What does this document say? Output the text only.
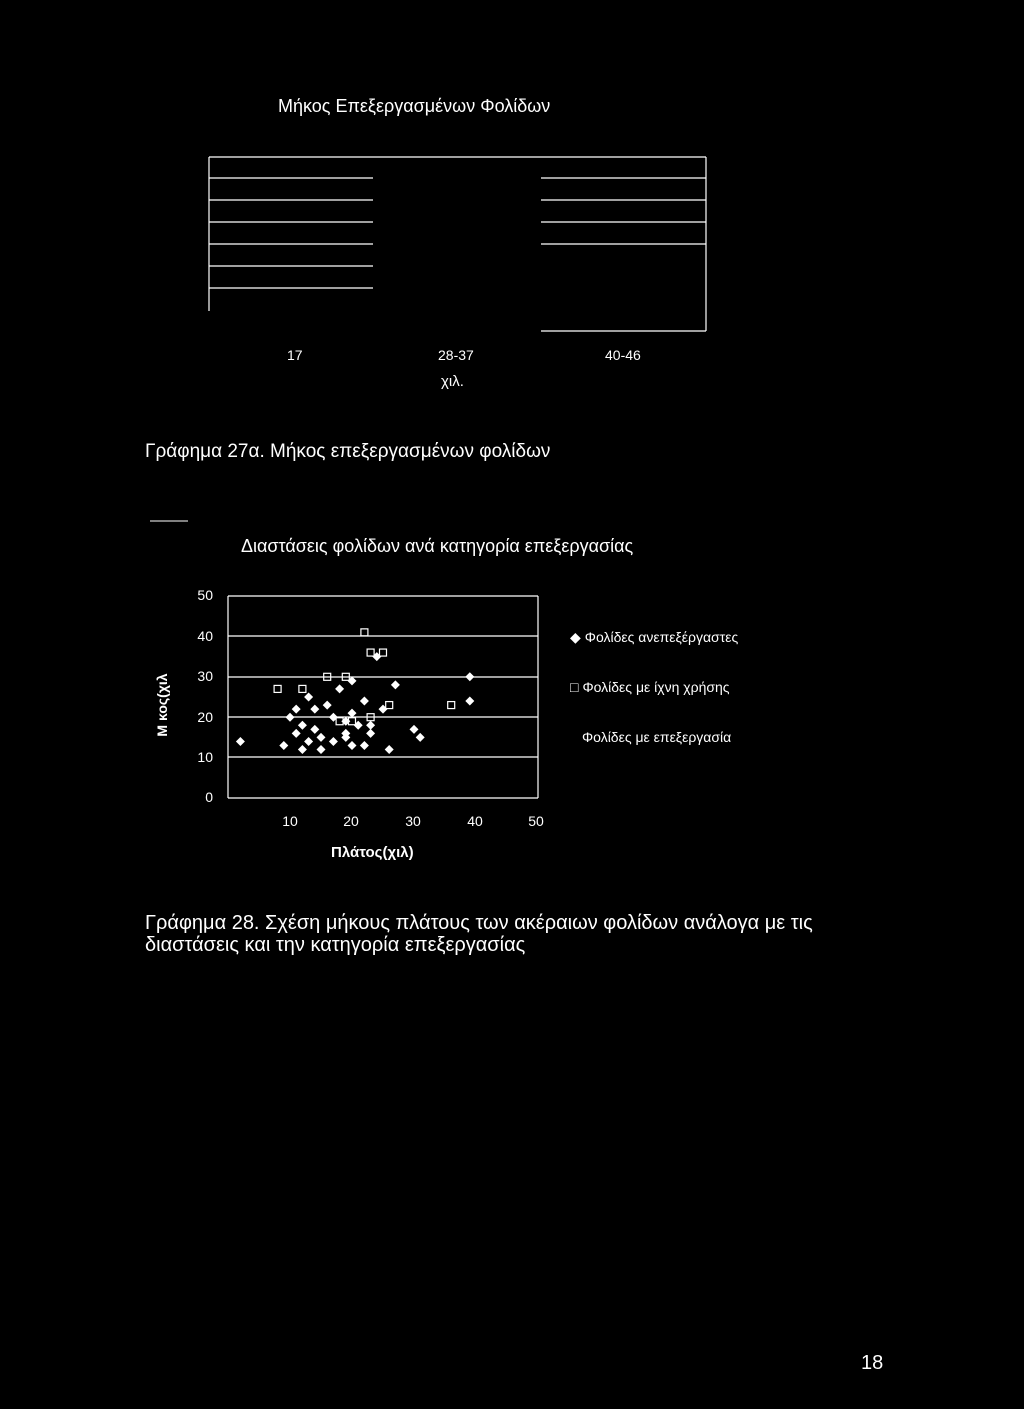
Μήκος Επεξεργασμένων Φολίδων
17	28-37	40-46
χιλ.
Γράφημα 27α. Μήκος επεξεργασμένων φολίδων
Διαστάσεις φολίδων ανά κατηγορία επεξεργασίας
50
40
30
20
10
0
Μ κος(χιλ
10	20	30	40	50
Πλάτος(χιλ)
◆ Φολίδες ανεπεξέργαστες
□ Φολίδες με ίχνη χρήσης
Φολίδες με επεξεργασία
Γράφημα 28. Σχέση μήκους πλάτους των ακέραιων φολίδων ανάλογα με τις διαστάσεις και την κατηγορία επεξεργασίας
18
